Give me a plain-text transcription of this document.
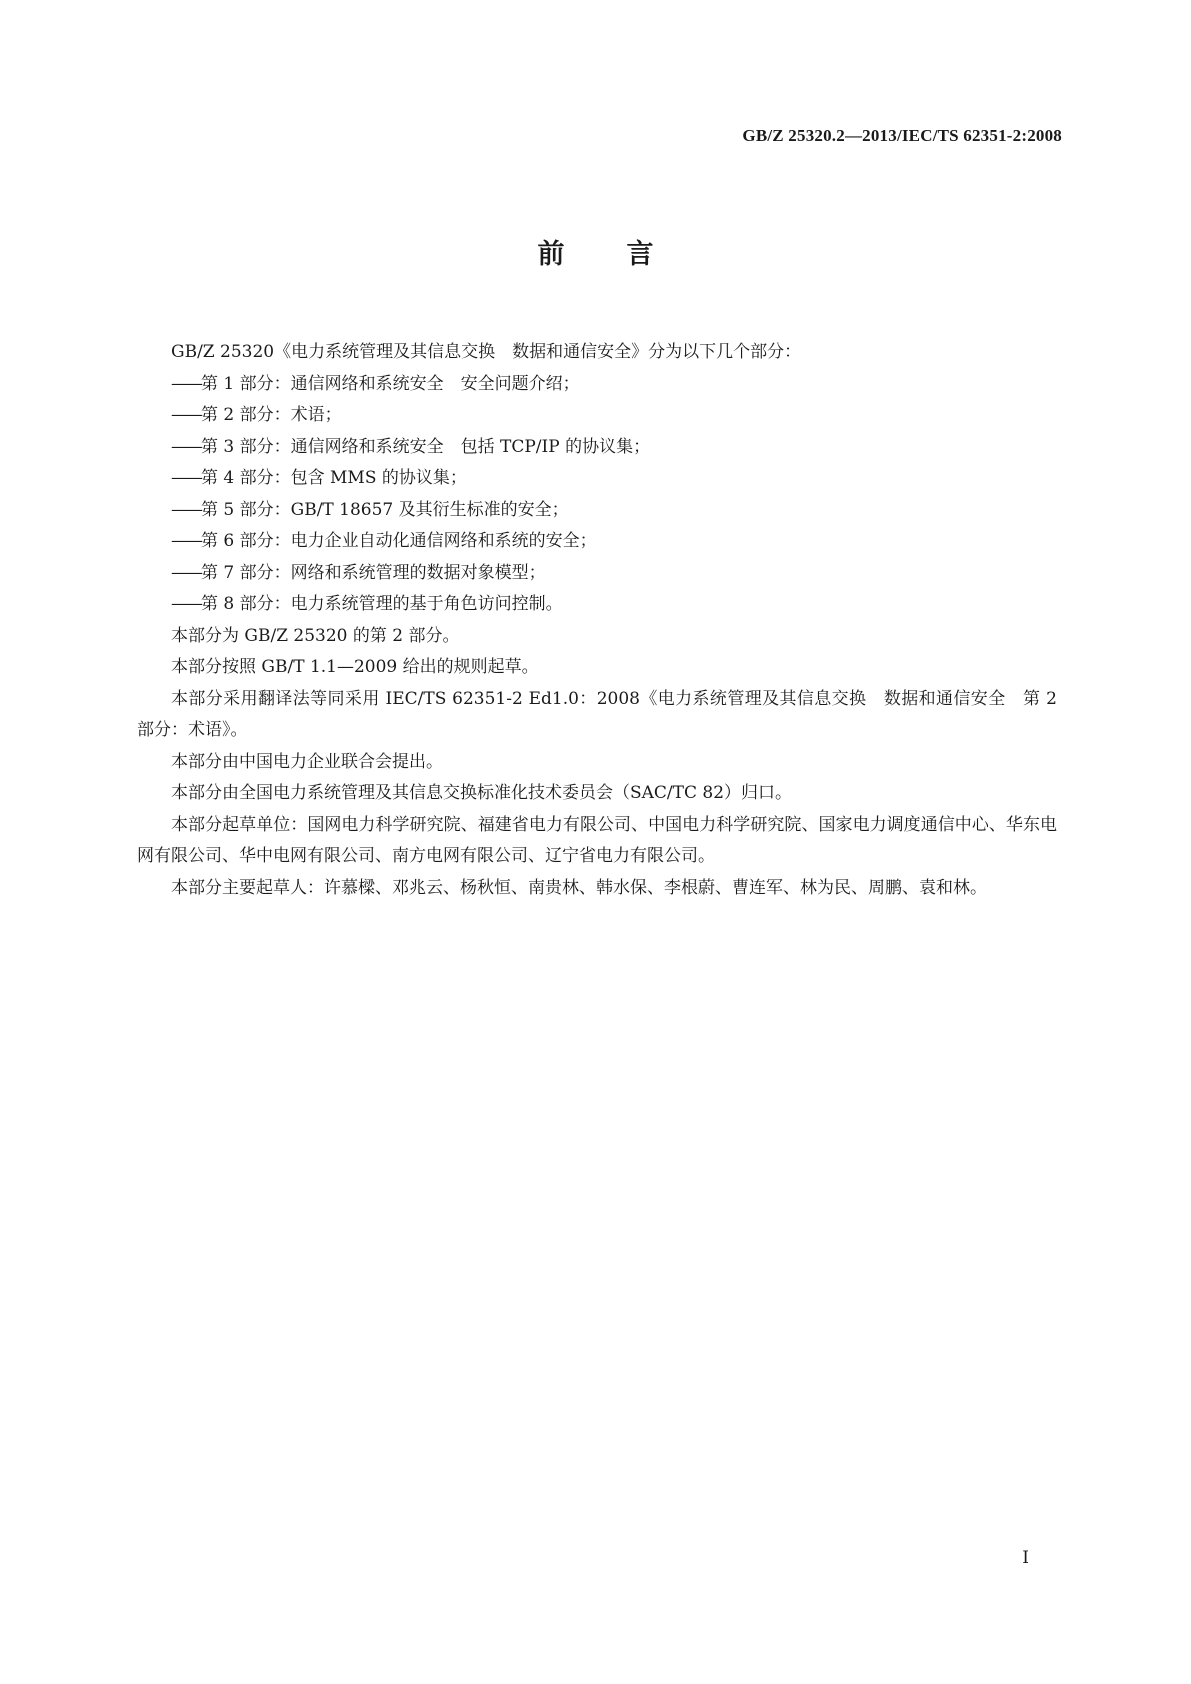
GB/Z 25320.2—2013/IEC/TS 62351-2:2008
前言

GB/Z 25320《电力系统管理及其信息交换　数据和通信安全》分为以下几个部分：

——第 1 部分：通信网络和系统安全　安全问题介绍；

——第 2 部分：术语；

——第 3 部分：通信网络和系统安全　包括 TCP/IP 的协议集；

——第 4 部分：包含 MMS 的协议集；

——第 5 部分：GB/T 18657 及其衍生标准的安全；

——第 6 部分：电力企业自动化通信网络和系统的安全；

——第 7 部分：网络和系统管理的数据对象模型；

——第 8 部分：电力系统管理的基于角色访问控制。

本部分为 GB/Z 25320 的第 2 部分。

本部分按照 GB/T 1.1—2009 给出的规则起草。

本部分采用翻译法等同采用 IEC/TS 62351-2 Ed1.0：2008《电力系统管理及其信息交换　数据和通信安全　第 2 部分：术语》。

本部分由中国电力企业联合会提出。

本部分由全国电力系统管理及其信息交换标准化技术委员会（SAC/TC 82）归口。

本部分起草单位：国网电力科学研究院、福建省电力有限公司、中国电力科学研究院、国家电力调度通信中心、华东电网有限公司、华中电网有限公司、南方电网有限公司、辽宁省电力有限公司。

本部分主要起草人：许慕樑、邓兆云、杨秋恒、南贵林、韩水保、李根蔚、曹连军、林为民、周鹏、袁和林。

I
